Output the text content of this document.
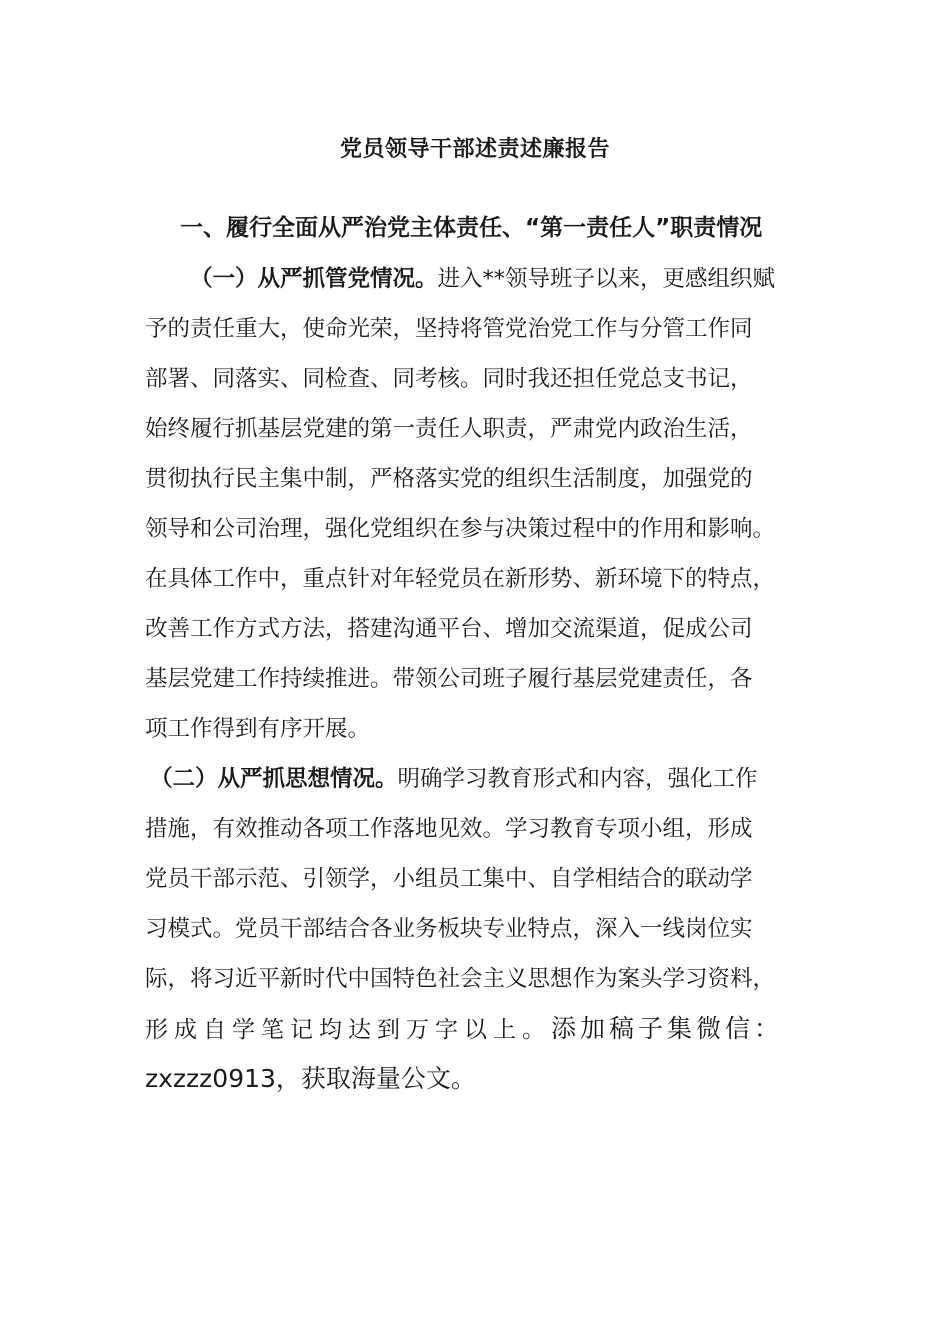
党员领导干部述责述廉报告
一、履行全面从严治党主体责任、“第一责任人”职责情况
（一）从严抓管党情况。进入**领导班子以来，更感组织赋
予的责任重大，使命光荣，坚持将管党治党工作与分管工作同
部署、同落实、同检查、同考核。同时我还担任党总支书记，
始终履行抓基层党建的第一责任人职责，严肃党内政治生活，
贯彻执行民主集中制，严格落实党的组织生活制度，加强党的
领导和公司治理，强化党组织在参与决策过程中的作用和影响。
在具体工作中，重点针对年轻党员在新形势、新环境下的特点，
改善工作方式方法，搭建沟通平台、增加交流渠道，促成公司
基层党建工作持续推进。带领公司班子履行基层党建责任，各
项工作得到有序开展。
（二）从严抓思想情况。明确学习教育形式和内容，强化工作
措施，有效推动各项工作落地见效。学习教育专项小组，形成
党员干部示范、引领学，小组员工集中、自学相结合的联动学
习模式。党员干部结合各业务板块专业特点，深入一线岗位实
际，将习近平新时代中国特色社会主义思想作为案头学习资料，
形成自学笔记均达到万字以上。添加稿子集微信：
zxzzz0913，获取海量公文。
